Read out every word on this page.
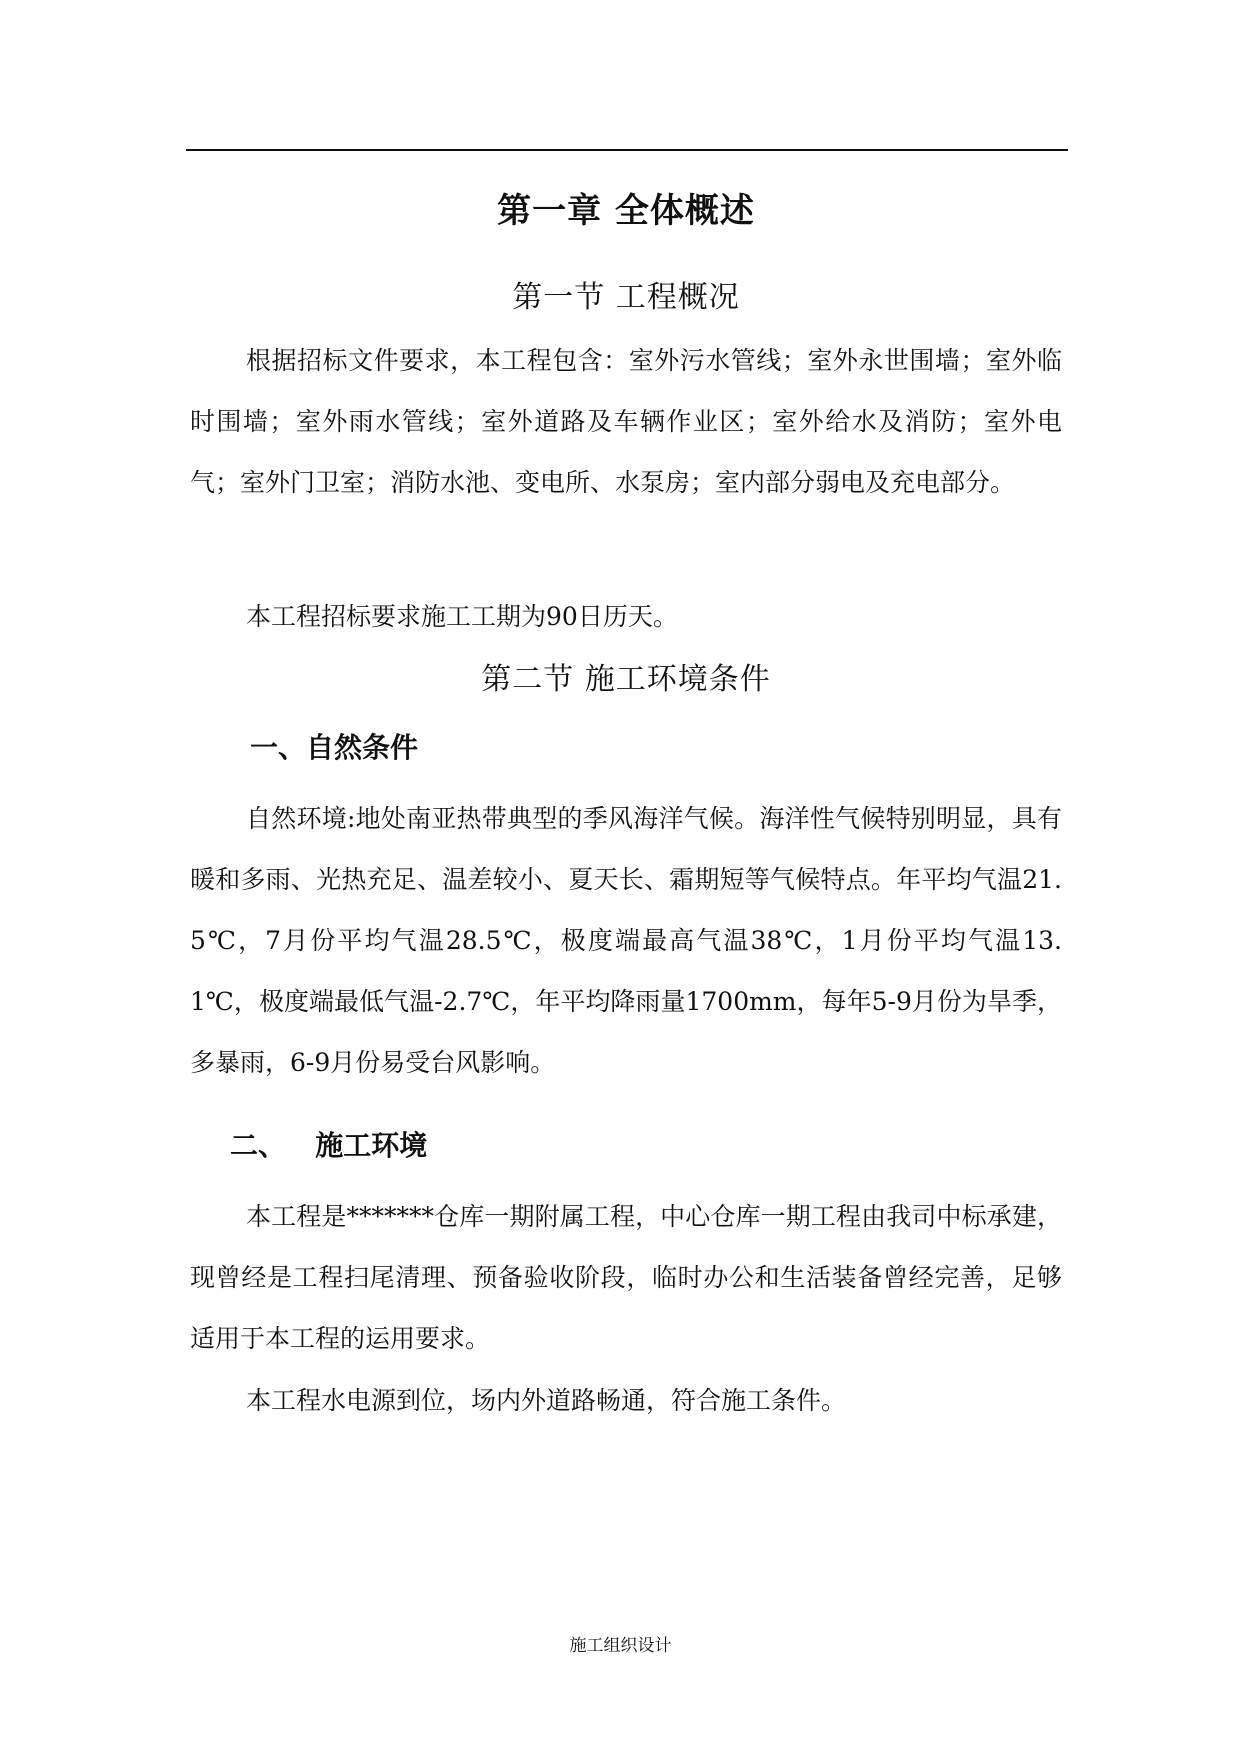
第一章 全体概述
第一节 工程概况

根据招标文件要求，本工程包含：室外污水管线；室外永世围墙；室外临时围墙；室外雨水管线；室外道路及车辆作业区；室外给水及消防；室外电气；室外门卫室；消防水池、变电所、水泵房；室内部分弱电及充电部分。

本工程招标要求施工工期为90日历天。

第二节 施工环境条件
一、自然条件

自然环境:地处南亚热带典型的季风海洋气候。海洋性气候特别明显，具有暖和多雨、光热充足、温差较小、夏天长、霜期短等气候特点。年平均气温21.5℃，7月份平均气温28.5℃，极度端最高气温38℃，1月份平均气温13.1℃，极度端最低气温-2.7℃，年平均降雨量1700mm，每年5-9月份为旱季，多暴雨，6-9月份易受台风影响。

二、   施工环境

本工程是*******仓库一期附属工程，中心仓库一期工程由我司中标承建，现曾经是工程扫尾清理、预备验收阶段，临时办公和生活装备曾经完善，足够适用于本工程的运用要求。

本工程水电源到位，场内外道路畅通，符合施工条件。

施工组织设计
